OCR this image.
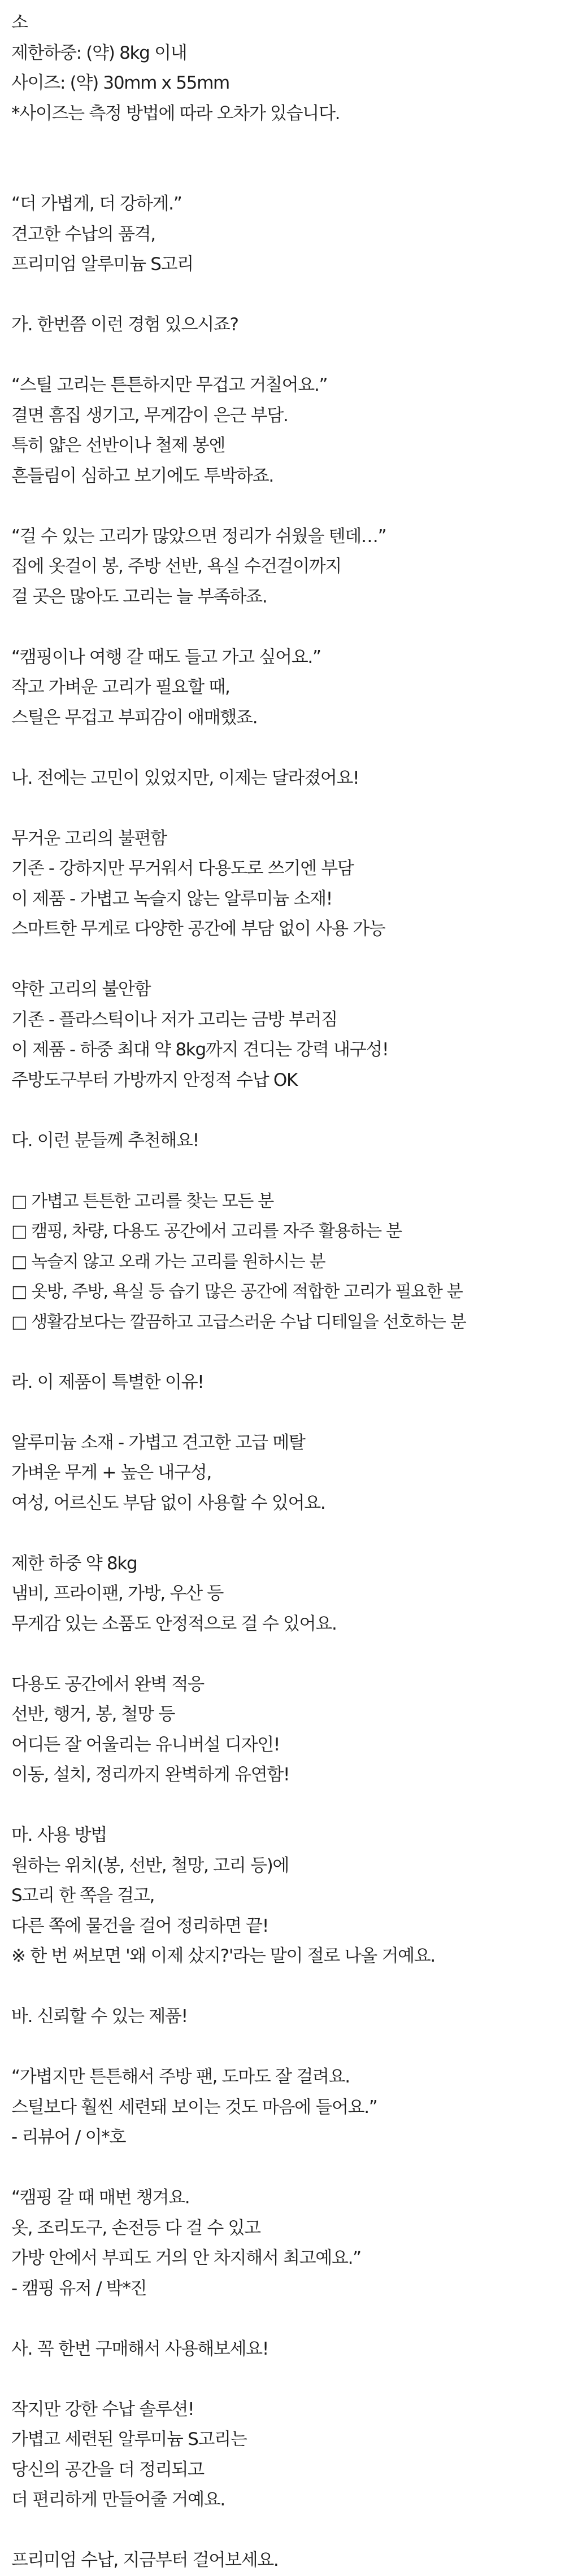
소
제한하중: (약) 8kg 이내
사이즈: (약) 30mm x 55mm
*사이즈는 측정 방법에 따라 오차가 있습니다.
“더 가볍게, 더 강하게.”
견고한 수납의 품격,
프리미엄 알루미늄 S고리
가. 한번쯤 이런 경험 있으시죠?
“스틸 고리는 튼튼하지만 무겁고 거칠어요.”
결면 흠집 생기고, 무게감이 은근 부담.
특히 얇은 선반이나 철제 봉엔
흔들림이 심하고 보기에도 투박하죠.
“걸 수 있는 고리가 많았으면 정리가 쉬웠을 텐데…”
집에 옷걸이 봉, 주방 선반, 욕실 수건걸이까지
걸 곳은 많아도 고리는 늘 부족하죠.
“캠핑이나 여행 갈 때도 들고 가고 싶어요.”
작고 가벼운 고리가 필요할 때,
스틸은 무겁고 부피감이 애매했죠.
나. 전에는 고민이 있었지만, 이제는 달라졌어요!
무거운 고리의 불편함
기존 - 강하지만 무거워서 다용도로 쓰기엔 부담
이 제품 - 가볍고 녹슬지 않는 알루미늄 소재!
스마트한 무게로 다양한 공간에 부담 없이 사용 가능
약한 고리의 불안함
기존 - 플라스틱이나 저가 고리는 금방 부러짐
이 제품 - 하중 최대 약 8kg까지 견디는 강력 내구성!
주방도구부터 가방까지 안정적 수납 OK
다. 이런 분들께 추천해요!
□ 가볍고 튼튼한 고리를 찾는 모든 분
□ 캠핑, 차량, 다용도 공간에서 고리를 자주 활용하는 분
□ 녹슬지 않고 오래 가는 고리를 원하시는 분
□ 옷방, 주방, 욕실 등 습기 많은 공간에 적합한 고리가 필요한 분
□ 생활감보다는 깔끔하고 고급스러운 수납 디테일을 선호하는 분
라. 이 제품이 특별한 이유!
알루미늄 소재 - 가볍고 견고한 고급 메탈
가벼운 무게 + 높은 내구성,
여성, 어르신도 부담 없이 사용할 수 있어요.
제한 하중 약 8kg
냄비, 프라이팬, 가방, 우산 등
무게감 있는 소품도 안정적으로 걸 수 있어요.
다용도 공간에서 완벽 적응
선반, 행거, 봉, 철망 등
어디든 잘 어울리는 유니버설 디자인!
이동, 설치, 정리까지 완벽하게 유연함!
마. 사용 방법
원하는 위치(봉, 선반, 철망, 고리 등)에
S고리 한 쪽을 걸고,
다른 쪽에 물건을 걸어 정리하면 끝!
※ 한 번 써보면 '왜 이제 샀지?'라는 말이 절로 나올 거예요.
바. 신뢰할 수 있는 제품!
“가볍지만 튼튼해서 주방 팬, 도마도 잘 걸려요.
스틸보다 훨씬 세련돼 보이는 것도 마음에 들어요.”
- 리뷰어 / 이*호
“캠핑 갈 때 매번 챙겨요.
옷, 조리도구, 손전등 다 걸 수 있고
가방 안에서 부피도 거의 안 차지해서 최고예요.”
- 캠핑 유저 / 박*진
사. 꼭 한번 구매해서 사용해보세요!
작지만 강한 수납 솔루션!
가볍고 세련된 알루미늄 S고리는
당신의 공간을 더 정리되고
더 편리하게 만들어줄 거예요.
프리미엄 수납, 지금부터 걸어보세요.
